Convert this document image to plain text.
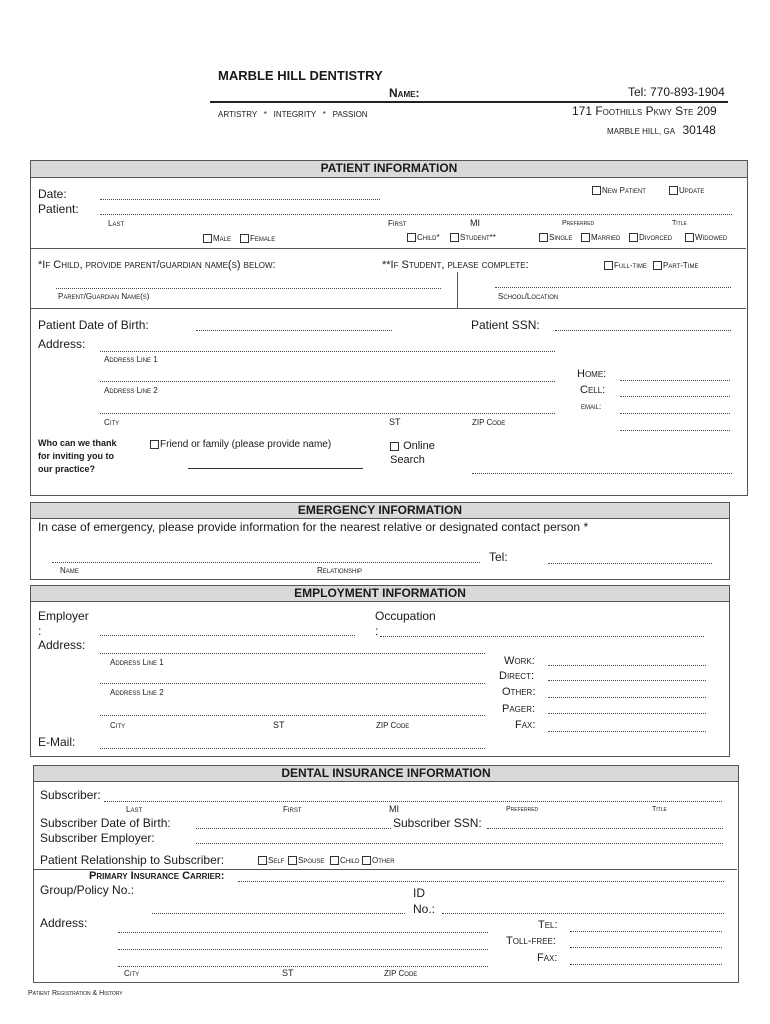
MARBLE HILL DENTISTRY
Name:
ARTISTRY * INTEGRITY * PASSION
Tel: 770-893-1904
171 Foothills Pkwy Ste 209
MARBLE HILL, GA 30148
PATIENT INFORMATION
Date:
Patient:
New Patient	Update
Last	First	MI	Preferred	Title
Male	Female	Child*	Student**	Single	Married	Divorced	Widowed
*If Child, provide parent/guardian name(s) below:	**If Student, please complete:	Full-time	Part-Time
Parent/Guardian Name(s)	School/Location
Patient Date of Birth:	Patient SSN:
Address:
Address Line 1
Address Line 2
City	ST	ZIP Code
Home:
Cell:
email:
Who can we thank
for inviting you to
our practice?
Friend or family (please provide name)	Online
Search
EMERGENCY INFORMATION
In case of emergency, please provide information for the nearest relative or designated contact person *
Tel:
Name	Relationship
EMPLOYMENT INFORMATION
Employer
:
Occupation
:
Address:
Address Line 1
Address Line 2
City	ST	ZIP Code
Work:
Direct:
Other:
Pager:
Fax:
E-Mail:
DENTAL INSURANCE INFORMATION
Subscriber:
Last	First	MI	Preferred	Title
Subscriber Date of Birth:	Subscriber SSN:
Subscriber Employer:
Patient Relationship to Subscriber:	Self	Spouse	Child	Other
Primary Insurance Carrier:
Group/Policy No.:	ID
No.:
Address:	Tel:
Toll-free:
Fax:
City	ST	ZIP Code
Patient Registration & History
